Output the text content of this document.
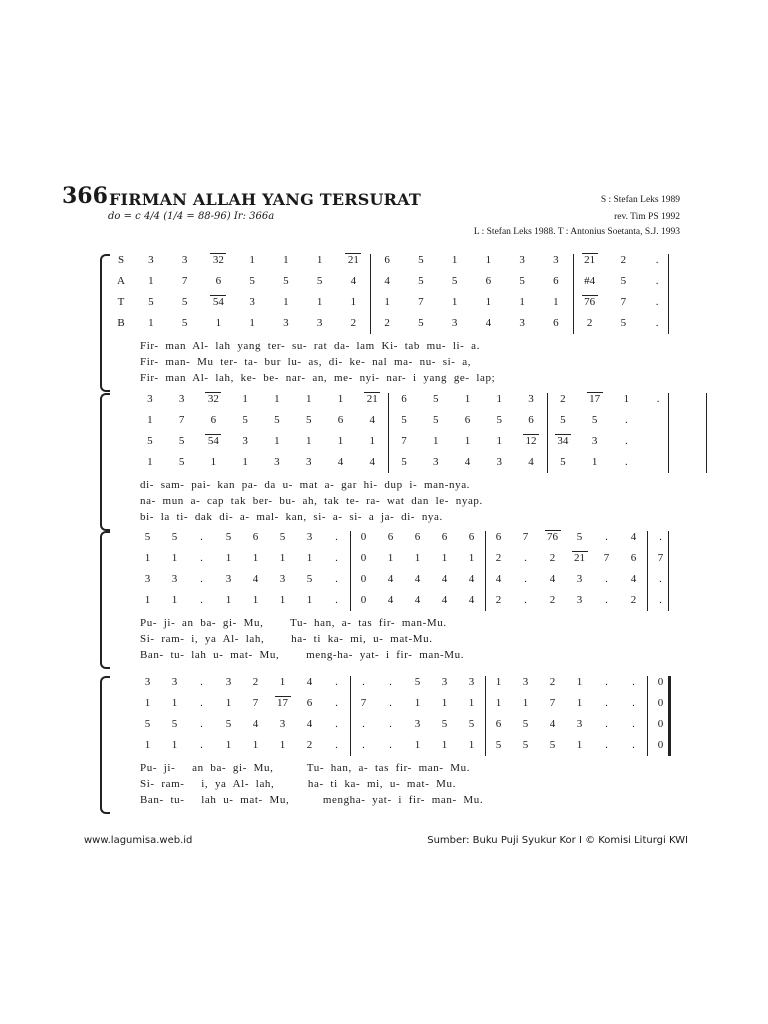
366 FIRMAN ALLAH YANG TERSURAT
do = c 4/4 (1/4 = 88-96) Ir: 366a
S : Stefan Leks 1989
rev. Tim PS 1992
L : Stefan Leks 1988. T : Antonius Soetanta, S.J. 1993
S	3	3	32	1	1	1	21	6	5	1	1	3	3	21	2	.
A	1	7	6	5	5	5	4	4	5	5	6	5	6	#4	5	.
T	5	5	54	3	1	1	1	1	7	1	1	1	1	76	7	.
B	1	5	1	1	3	3	2	2	5	3	4	3	6	2	5	.
Fir-  man  Al-  lah  yang  ter-  su-  rat  da-  lam  Ki-  tab  mu-  li-  a.
Fir-  man-  Mu  ter-  ta-  bur  lu-  as,  di-  ke-  nal  ma-  nu-  si-  a,
Fir-  man  Al-  lah,  ke-  be-  nar-  an,  me-  nyi-  nar-  i  yang  ge-  lap;
3	3	32	1	1	1	1	21	6	5	1	1	3	2	17	1	.
1	7	6	5	5	5	6	4	5	5	6	5	6	5	5	.
5	5	54	3	1	1	1	1	7	1	1	1	12	34	3	.
1	5	1	1	3	3	4	4	5	3	4	3	4	5	1	.
di-  sam-  pai-  kan  pa-  da  u-  mat  a-  gar  hi-  dup  i-  man-nya.
na-  mun  a-  cap  tak  ber-  bu-  ah,  tak  te-  ra-  wat  dan  le-  nyap.
bi-  la  ti-  dak  di-  a-  mal-  kan,  si-  a-  si-  a  ja-  di-  nya.
5	5	.	5	6	5	3	.	0	6	6	6	6	6	7	76	5	.	4	.
1	1	.	1	1	1	1	.	0	1	1	1	1	2	.	2	21	7	6	7
3	3	.	3	4	3	5	.	0	4	4	4	4	4	.	4	3	.	4	.
1	1	.	1	1	1	1	.	0	4	4	4	4	2	.	2	3	.	2	.
Pu-  ji-  an  ba-  gi-  Mu,        Tu-  han,  a-  tas  fir-  man-Mu.
Si-  ram-  i,  ya  Al-  lah,        ha-  ti  ka-  mi,  u-  mat-Mu.
Ban-  tu-  lah  u-  mat-  Mu,        meng-ha-  yat-  i  fir-  man-Mu.
3	3	.	3	2	1	4	.	.	.	5	3	3	1	3	2	1	.	.	0
1	1	.	1	7	17	6	.	7	.	1	1	1	1	1	7	1	.	.	0
5	5	.	5	4	3	4	.	.	.	3	5	5	6	5	4	3	.	.	0
1	1	.	1	1	1	2	.	.	.	1	1	1	5	5	5	1	.	.	0
Pu-  ji-     an  ba-  gi-  Mu,          Tu-  han,  a-  tas  fir-  man-  Mu.
Si-  ram-     i,  ya  Al-  lah,          ha-  ti  ka-  mi,  u-  mat-  Mu.
Ban-  tu-     lah  u-  mat-  Mu,          mengha-  yat-  i  fir-  man-  Mu.
www.lagumisa.web.id	Sumber: Buku Puji Syukur Kor I © Komisi Liturgi KWI
